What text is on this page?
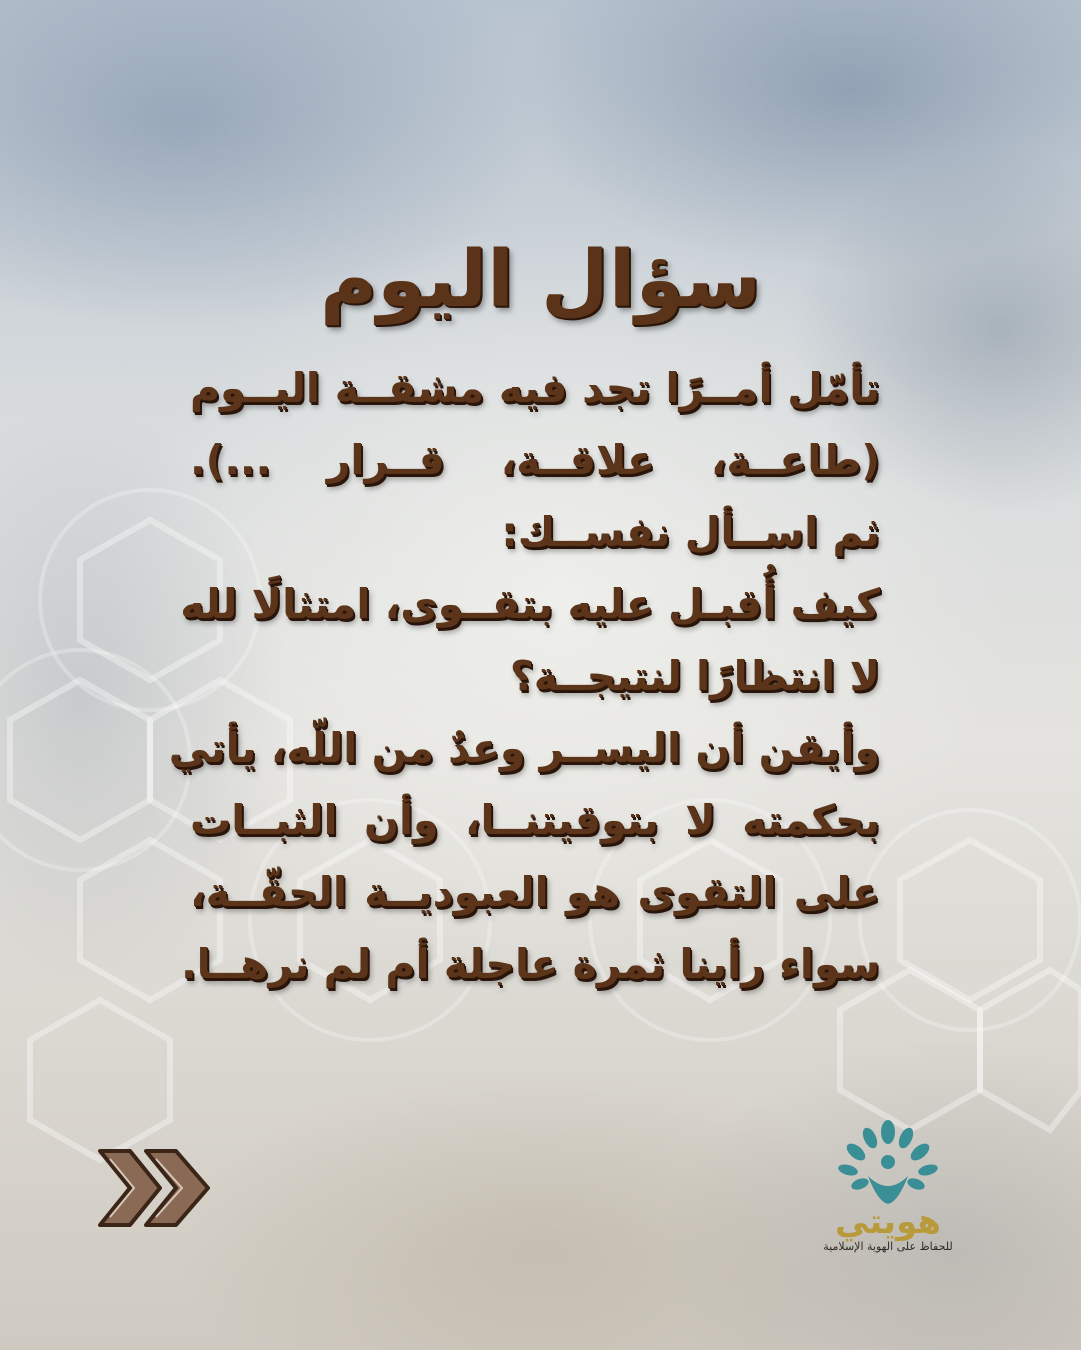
سؤال اليوم
تأمّل أمــرًا تجد فيه مشقــة اليــوم
(طاعــة، علاقــة، قــرار ...).
ثم اســأل نفســك:
كيف أُقبـل عليه بتقــوى، امتثالًا لله
لا انتظارًا لنتيجــة؟
وأيقن أن اليســر وعدٌ من اللّه، يأتي
بحكمته لا بتوقيتنــا، وأن الثبــات
على التقوى هو العبوديــة الحقّــة،
سواء رأينا ثمرة عاجلة أم لم نرهــا.
هويتي
للحفاظ على الهوية الإسلامية
